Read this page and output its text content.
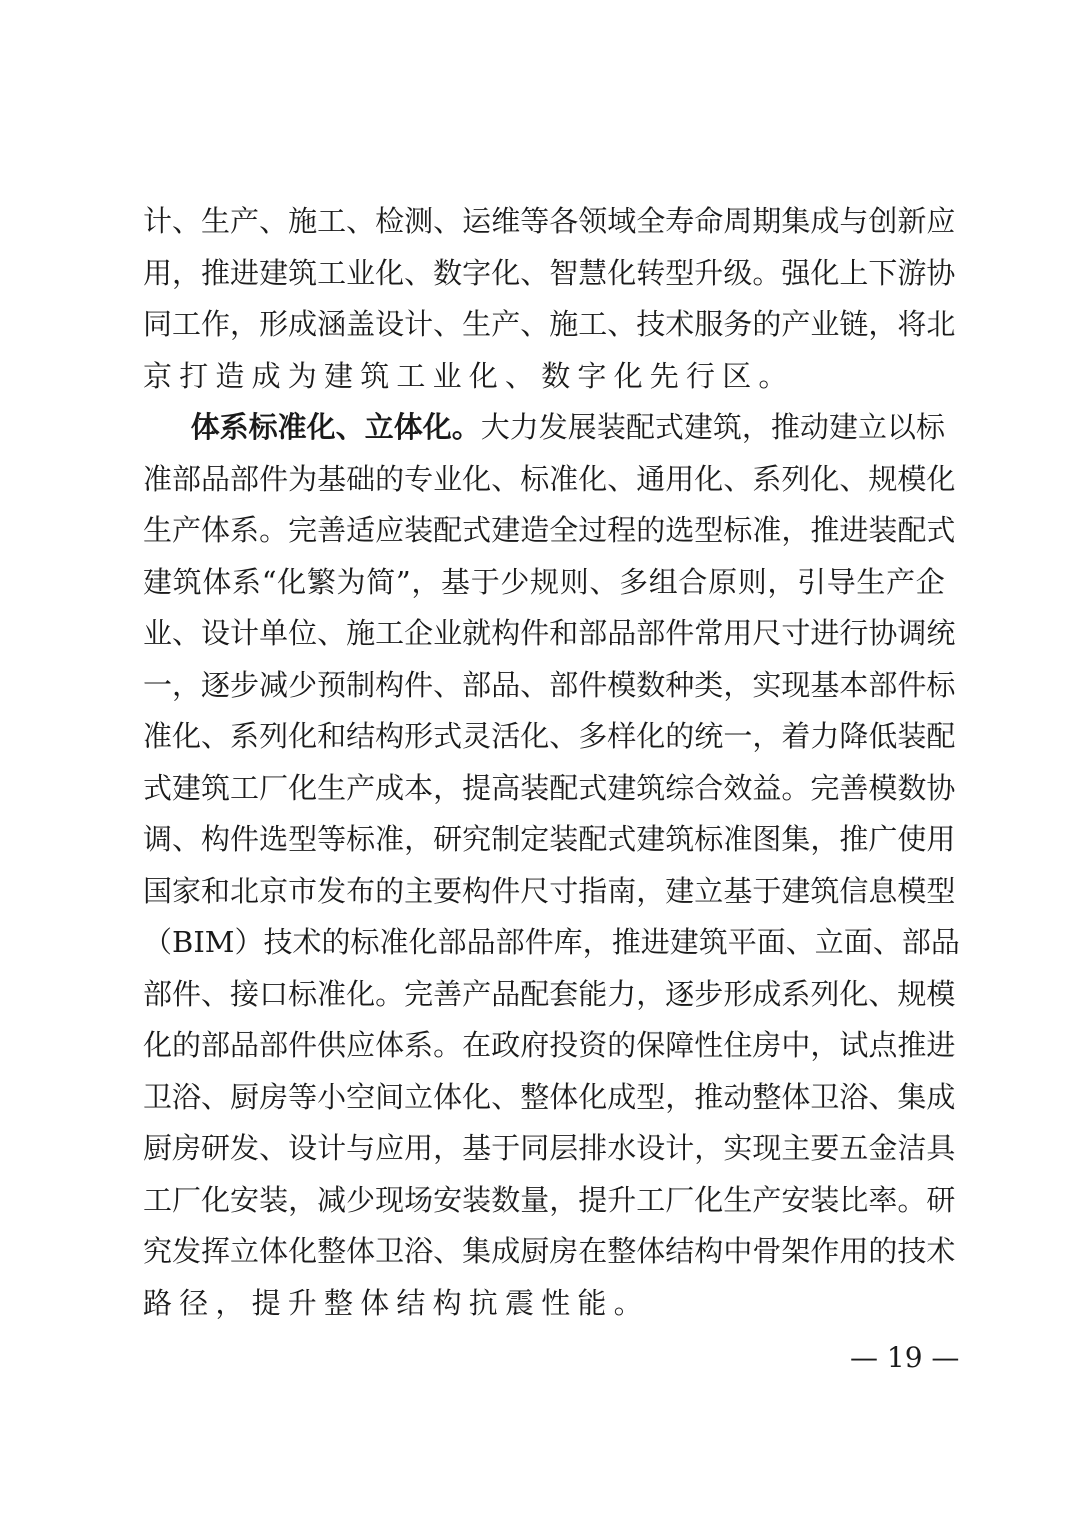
计 、 生 产 、 施 工 、 检 测 、 运 维 等 各 领 域 全 寿 命 周 期 集 成 与 创 新 应
用 ， 推 进 建 筑 工 业 化 、 数 字 化 、 智 慧 化 转 型 升 级 。 强 化 上 下 游 协
同 工 作 ， 形 成 涵 盖 设 计 、 生 产 、 施 工 、 技 术 服 务 的 产 业 链 ， 将 北
京打造成为建筑工业化、数字化先行区。
体 系 标 准 化 、 立 体 化 。 大 力 发 展 装 配 式 建 筑 ， 推 动 建 立 以 标
准 部 品 部 件 为 基 础 的 专 业 化 、 标 准 化 、 通 用 化 、 系 列 化 、 规 模 化
生 产 体 系 。 完 善 适 应 装 配 式 建 造 全 过 程 的 选 型 标 准 ， 推 进 装 配 式
建 筑 体 系 “ 化 繁 为 简 ” ， 基 于 少 规 则 、 多 组 合 原 则 ， 引 导 生 产 企
业 、 设 计 单 位 、 施 工 企 业 就 构 件 和 部 品 部 件 常 用 尺 寸 进 行 协 调 统
一 ， 逐 步 减 少 预 制 构 件 、 部 品 、 部 件 模 数 种 类 ， 实 现 基 本 部 件 标
准 化 、 系 列 化 和 结 构 形 式 灵 活 化 、 多 样 化 的 统 一 ， 着 力 降 低 装 配
式 建 筑 工 厂 化 生 产 成 本 ， 提 高 装 配 式 建 筑 综 合 效 益 。 完 善 模 数 协
调 、 构 件 选 型 等 标 准 ， 研 究 制 定 装 配 式 建 筑 标 准 图 集 ， 推 广 使 用
国 家 和 北 京 市 发 布 的 主 要 构 件 尺 寸 指 南 ， 建 立 基 于 建 筑 信 息 模 型
（ BIM ） 技 术 的 标 准 化 部 品 部 件 库 ， 推 进 建 筑 平 面 、 立 面 、 部 品
部 件 、 接 口 标 准 化 。 完 善 产 品 配 套 能 力 ， 逐 步 形 成 系 列 化 、 规 模
化 的 部 品 部 件 供 应 体 系 。 在 政 府 投 资 的 保 障 性 住 房 中 ， 试 点 推 进
卫 浴 、 厨 房 等 小 空 间 立 体 化 、 整 体 化 成 型 ， 推 动 整 体 卫 浴 、 集 成
厨 房 研 发 、 设 计 与 应 用 ， 基 于 同 层 排 水 设 计 ， 实 现 主 要 五 金 洁 具
工 厂 化 安 装 ， 减 少 现 场 安 装 数 量 ， 提 升 工 厂 化 生 产 安 装 比 率 。 研
究 发 挥 立 体 化 整 体 卫 浴 、 集 成 厨 房 在 整 体 结 构 中 骨 架 作 用 的 技 术
路径，提升整体结构抗震性能。
— 19 —
